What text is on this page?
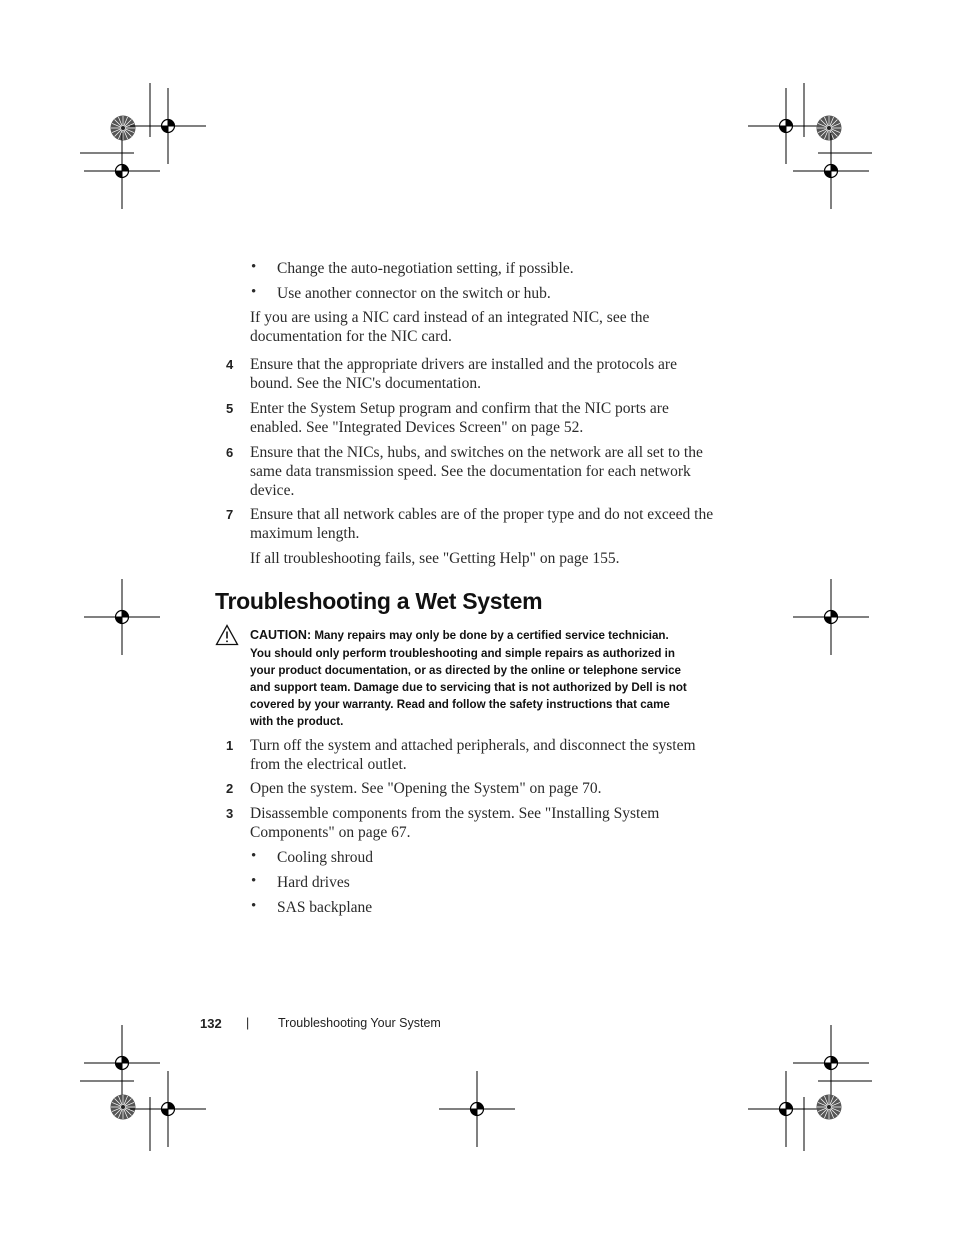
• Change the auto-negotiation setting, if possible.
• Use another connector on the switch or hub.
If you are using a NIC card instead of an integrated NIC, see the
documentation for the NIC card.
4 Ensure that the appropriate drivers are installed and the protocols are
bound. See the NIC's documentation.
5 Enter the System Setup program and confirm that the NIC ports are
enabled. See "Integrated Devices Screen" on page 52.
6 Ensure that the NICs, hubs, and switches on the network are all set to the
same data transmission speed. See the documentation for each network
device.
7 Ensure that all network cables are of the proper type and do not exceed the
maximum length.
If all troubleshooting fails, see "Getting Help" on page 155.
Troubleshooting a Wet System
CAUTION: Many repairs may only be done by a certified service technician.
You should only perform troubleshooting and simple repairs as authorized in
your product documentation, or as directed by the online or telephone service
and support team. Damage due to servicing that is not authorized by Dell is not
covered by your warranty. Read and follow the safety instructions that came
with the product.
1 Turn off the system and attached peripherals, and disconnect the system
from the electrical outlet.
2 Open the system. See "Opening the System" on page 70.
3 Disassemble components from the system. See "Installing System
Components" on page 67.
• Cooling shroud
• Hard drives
• SAS backplane
132 | Troubleshooting Your System
